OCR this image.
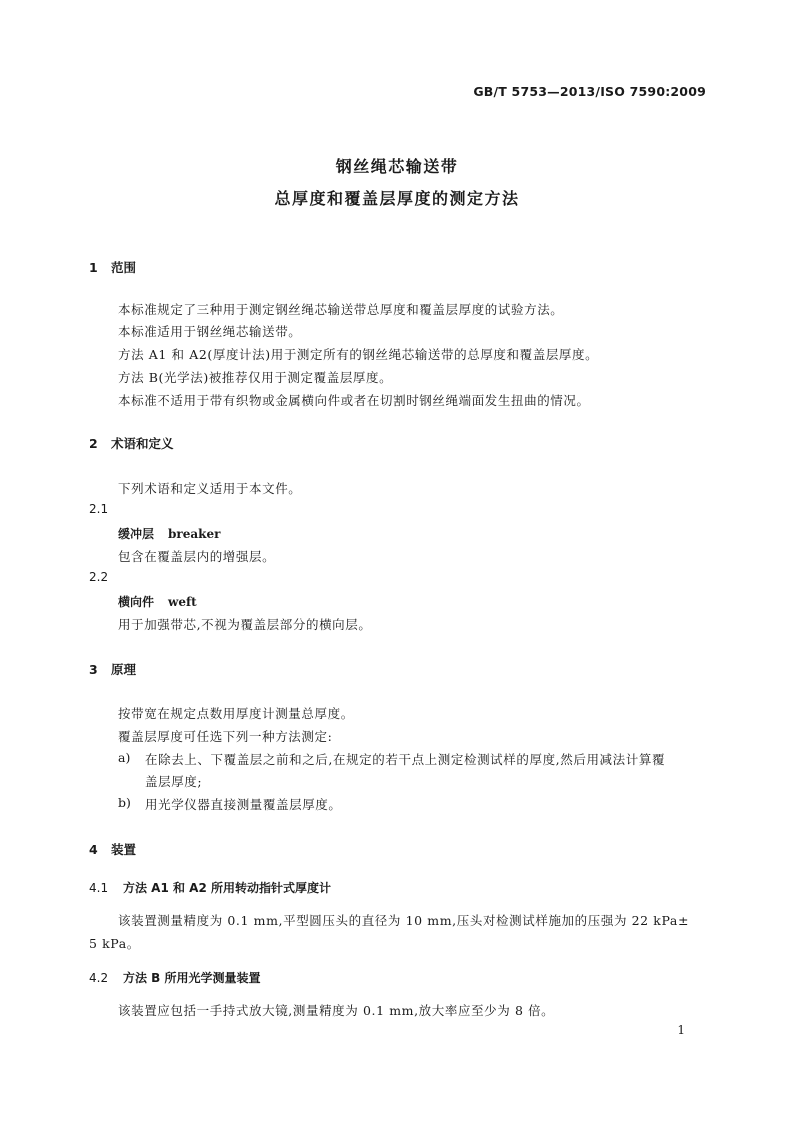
GB/T 5753—2013/ISO 7590:2009
钢丝绳芯输送带
总厚度和覆盖层厚度的测定方法
1 范围
本标准规定了三种用于测定钢丝绳芯输送带总厚度和覆盖层厚度的试验方法。
本标准适用于钢丝绳芯输送带。
方法 A1 和 A2(厚度计法)用于测定所有的钢丝绳芯输送带的总厚度和覆盖层厚度。
方法 B(光学法)被推荐仅用于测定覆盖层厚度。
本标准不适用于带有织物或金属横向件或者在切割时钢丝绳端面发生扭曲的情况。
2 术语和定义
下列术语和定义适用于本文件。
2.1
缓冲层 breaker
包含在覆盖层内的增强层。
2.2
横向件 weft
用于加强带芯,不视为覆盖层部分的横向层。
3 原理
按带宽在规定点数用厚度计测量总厚度。
覆盖层厚度可任选下列一种方法测定:
a) 在除去上、下覆盖层之前和之后,在规定的若干点上测定检测试样的厚度,然后用减法计算覆
盖层厚度;
b) 用光学仪器直接测量覆盖层厚度。
4 装置
4.1 方法 A1 和 A2 所用转动指针式厚度计
该装置测量精度为 0.1 mm,平型圆压头的直径为 10 mm,压头对检测试样施加的压强为 22 kPa±
5 kPa。
4.2 方法 B 所用光学测量装置
该装置应包括一手持式放大镜,测量精度为 0.1 mm,放大率应至少为 8 倍。
1
